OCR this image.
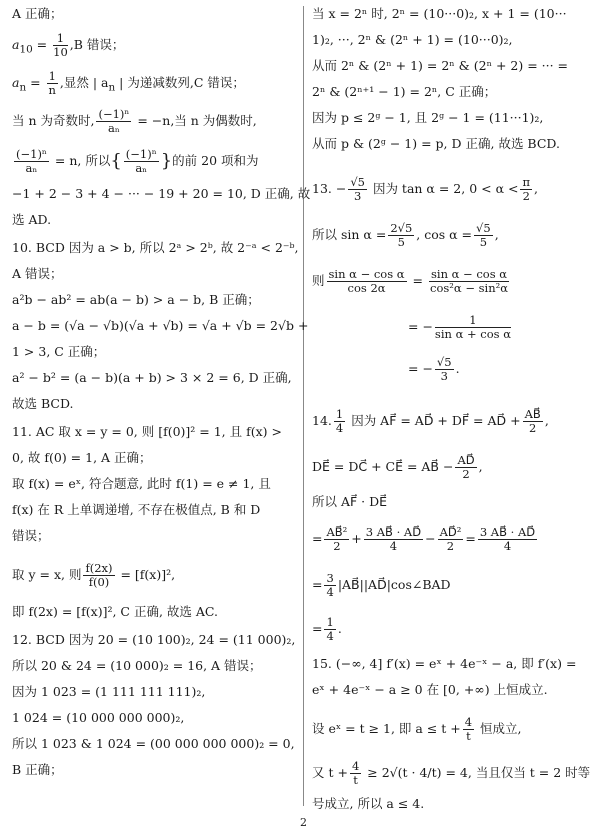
A 正确；
$a_{10} = \frac{1}{10} ,B$ 错误；
$a_n = \frac{1}{n}$ ,显然 | $a_n$ | 为递减数列,C 错误；
当 n 为奇数时, $\frac{\text{(−1)ⁿ}}{\text{aₙ}} = -n$,当 n 为偶数时,
$\frac{\text{(−1)ⁿ}}{\text{aₙ}} = n$, 所以{ $\frac{\text{(−1)ⁿ}}{\text{aₙ}}$ }的前 20 项和为
−1 + 2 − 3 + 4 − ··· − 19 + 20 = 10, D 正确, 故
选 AD.
10. BCD 因为 a > b, 所以 2ᵃ > 2ᵇ, 故 2⁻ᵃ < 2⁻ᵇ,
A 错误；
a²b − ab² = ab(a − b) > a − b, B 正确；
a − b = (√a − √b)(√a + √b) = √a + √b = 2√b +
1 > 3, C 正确；
a² − b² = (a − b)(a + b) > 3 × 2 = 6, D 正确,
故选 BCD.
11. AC 取 x = y = 0, 则 [f(0)]² = 1, 且 f(x) >
0, 故 f(0) = 1, A 正确；
取 f(x) = eˣ, 符合题意, 此时 f(1) = e ≠ 1, 且
f(x) 在 R 上单调递增, 不存在极值点, B 和 D
错误；
取 y = x, 则 $\frac{f(2x)}{f(0)} = [f(x)]^2$,
即 f(2x) = [f(x)]², C 正确, 故选 AC.
12. BCD 因为 20 = (10 100)₂, 24 = (11 000)₂,
所以 20 & 24 = (10 000)₂ = 16, A 错误；
因为 1 023 = (1 111 111 111)₂,
1 024 = (10 000 000 000)₂,
所以 1 023 & 1 024 = (00 000 000 000)₂ = 0,
B 正确；
当 x = 2ⁿ 时, 2ⁿ = (10···0)₂, x + 1 = (10···
1)₂, ···, 2ⁿ & (2ⁿ + 1) = (10···0)₂,
从而 2ⁿ & (2ⁿ + 1) = 2ⁿ & (2ⁿ + 2) = ··· =
2ⁿ & (2ⁿ⁺¹ − 1) = 2ⁿ, C 正确；
因为 p ≤ 2ᵍ − 1, 且 2ᵍ − 1 = (11···1)₂,
从而 p & (2ᵍ − 1) = p, D 正确, 故选 BCD.
13. − $\frac{√5}{3}$ 因为 tan α = 2, $0 < \alpha < \frac{\pi}{2}$ ,
所以 $\sin \alpha = \frac{2√5}{5}$ , $\cos \alpha = \frac{√5}{5}$ ,
则 $\frac{\text{sin α − cos α}}{\cos 2\alpha} = \frac{\text{sin α − cos α}}{\text{cos²α − sin²α}}$
= − $\frac{1}{\text{sin α + cos α}}$
= − $\frac{√5}{3}$ .
14. $\frac{1}{4}$ 因为 AF⃗ = AD⃗ + DF⃗ = AD⃗ + $\frac{AB⃗}{2}$ ,
DE⃗ = DC⃗ + CE⃗ = AB⃗ − $\frac{AD⃗}{2}$ ,
所以 AF⃗ · DE⃗
= $\frac{\text{AB⃗²}}{2} + \frac{3 AB⃗ \cdot AD⃗}{4} - \frac{\text{AD⃗²}}{2} = \frac{3 AB⃗ \cdot AD⃗}{4}$
= $\frac{3}{4}$ |AB⃗||AD⃗|cos∠BAD
= $\frac{1}{4}$ .
15. (−∞, 4] f′(x) = eˣ + 4e⁻ˣ − a, 即 f′(x) =
eˣ + 4e⁻ˣ − a ≥ 0 在 [0, +∞) 上恒成立.
设 eˣ = t ≥ 1, 即 $a \le t + \frac{4}{t}$ 恒成立,
又 $t + \frac{4}{t} \ge 2√(t \cdot 4/t) = 4$, 当且仅当 t = 2 时等
号成立, 所以 a ≤ 4.
2
